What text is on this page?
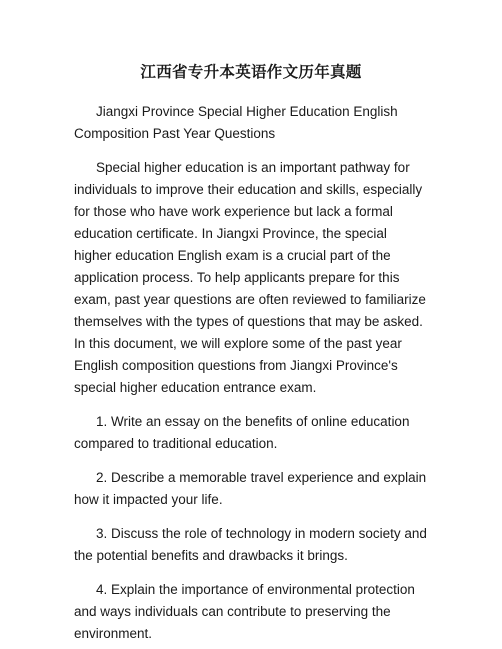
江西省专升本英语作文历年真题

Jiangxi Province Special Higher Education English Composition Past Year Questions

Special higher education is an important pathway for individuals to improve their education and skills, especially for those who have work experience but lack a formal education certificate. In Jiangxi Province, the special higher education English exam is a crucial part of the application process. To help applicants prepare for this exam, past year questions are often reviewed to familiarize themselves with the types of questions that may be asked. In this document, we will explore some of the past year English composition questions from Jiangxi Province's special higher education entrance exam.

1. Write an essay on the benefits of online education compared to traditional education.
2. Describe a memorable travel experience and explain how it impacted your life.
3. Discuss the role of technology in modern society and the potential benefits and drawbacks it brings.
4. Explain the importance of environmental protection and ways individuals can contribute to preserving the environment.
